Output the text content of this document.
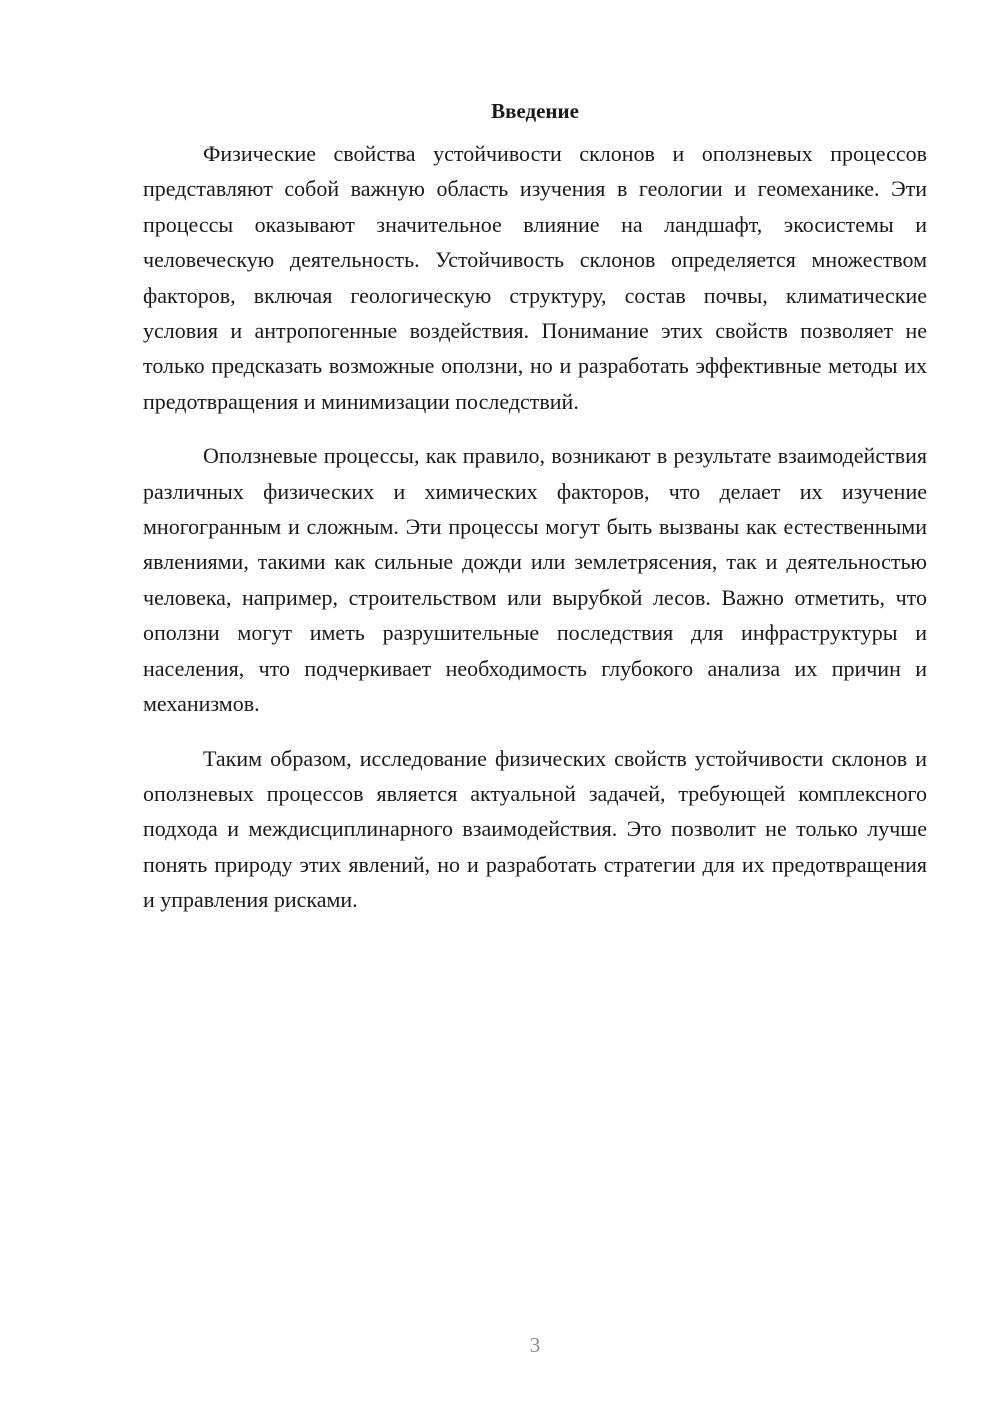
Введение

Физические свойства устойчивости склонов и оползневых процессов представляют собой важную область изучения в геологии и геомеханике. Эти процессы оказывают значительное влияние на ландшафт, экосистемы и человеческую деятельность. Устойчивость склонов определяется множеством факторов, включая геологическую структуру, состав почвы, климатические условия и антропогенные воздействия. Понимание этих свойств позволяет не только предсказать возможные оползни, но и разработать эффективные методы их предотвращения и минимизации последствий.

Оползневые процессы, как правило, возникают в результате взаимодействия различных физических и химических факторов, что делает их изучение многогранным и сложным. Эти процессы могут быть вызваны как естественными явлениями, такими как сильные дожди или землетрясения, так и деятельностью человека, например, строительством или вырубкой лесов. Важно отметить, что оползни могут иметь разрушительные последствия для инфраструктуры и населения, что подчеркивает необходимость глубокого анализа их причин и механизмов.

Таким образом, исследование физических свойств устойчивости склонов и оползневых процессов является актуальной задачей, требующей комплексного подхода и междисциплинарного взаимодействия. Это позволит не только лучше понять природу этих явлений, но и разработать стратегии для их предотвращения и управления рисками.

3
